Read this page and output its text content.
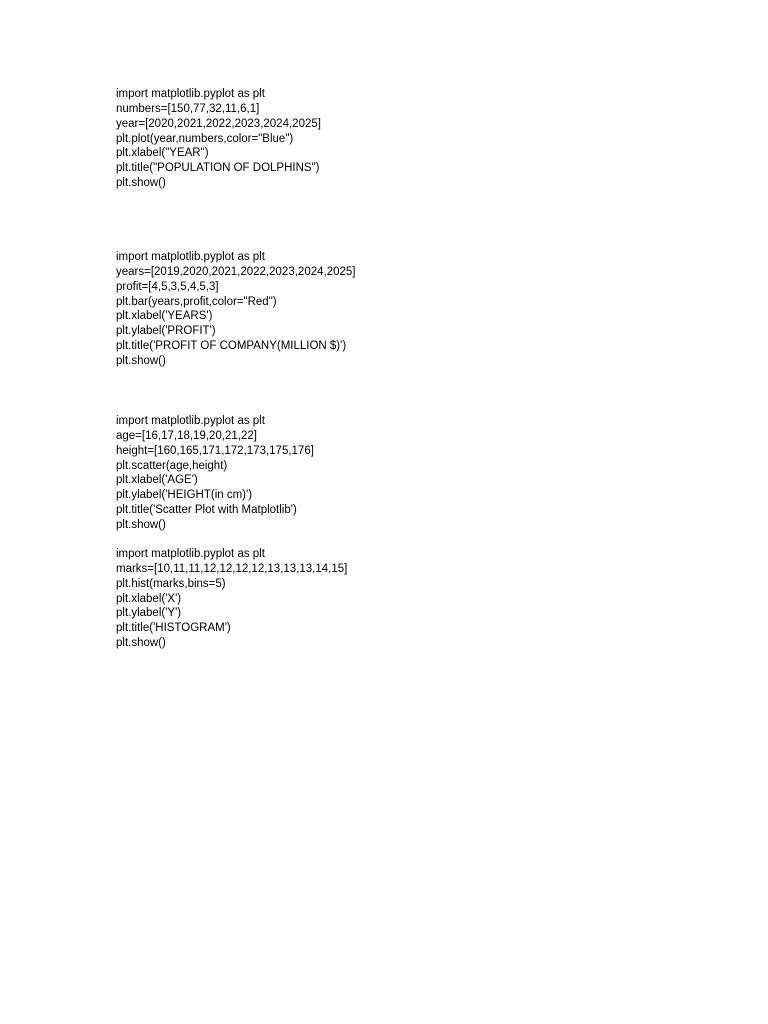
import matplotlib.pyplot as plt
numbers=[150,77,32,11,6,1]
year=[2020,2021,2022,2023,2024,2025]
plt.plot(year,numbers,color="Blue")
plt.xlabel("YEAR")
plt.title("POPULATION OF DOLPHINS")
plt.show()
import matplotlib.pyplot as plt
years=[2019,2020,2021,2022,2023,2024,2025]
profit=[4,5,3,5,4,5,3]
plt.bar(years,profit,color="Red")
plt.xlabel('YEARS')
plt.ylabel('PROFIT')
plt.title('PROFIT OF COMPANY(MILLION $)')
plt.show()
import matplotlib.pyplot as plt
age=[16,17,18,19,20,21,22]
height=[160,165,171,172,173,175,176]
plt.scatter(age,height)
plt.xlabel('AGE')
plt.ylabel('HEIGHT(in cm)')
plt.title('Scatter Plot with Matplotlib')
plt.show()
import matplotlib.pyplot as plt
marks=[10,11,11,12,12,12,12,13,13,13,14,15]
plt.hist(marks,bins=5)
plt.xlabel('X')
plt.ylabel('Y')
plt.title('HISTOGRAM')
plt.show()
